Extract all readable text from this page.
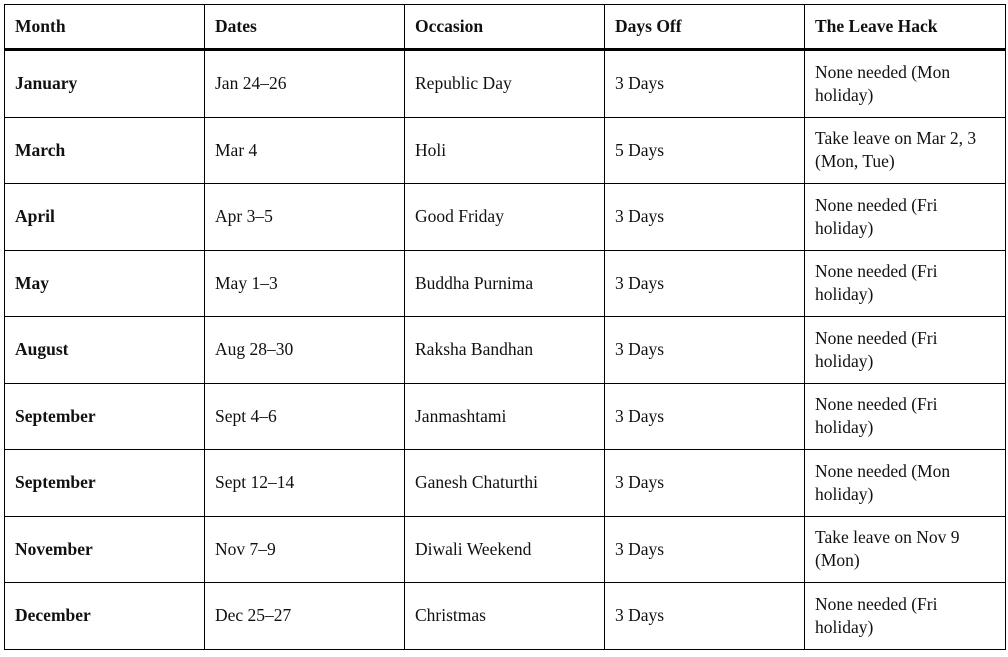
Month	Dates	Occasion	Days Off	The Leave Hack
January	Jan 24–26	Republic Day	3 Days	None needed (Mon holiday)
March	Mar 4	Holi	5 Days	Take leave on Mar 2, 3 (Mon, Tue)
April	Apr 3–5	Good Friday	3 Days	None needed (Fri holiday)
May	May 1–3	Buddha Purnima	3 Days	None needed (Fri holiday)
August	Aug 28–30	Raksha Bandhan	3 Days	None needed (Fri holiday)
September	Sept 4–6	Janmashtami	3 Days	None needed (Fri holiday)
September	Sept 12–14	Ganesh Chaturthi	3 Days	None needed (Mon holiday)
November	Nov 7–9	Diwali Weekend	3 Days	Take leave on Nov 9 (Mon)
December	Dec 25–27	Christmas	3 Days	None needed (Fri holiday)
